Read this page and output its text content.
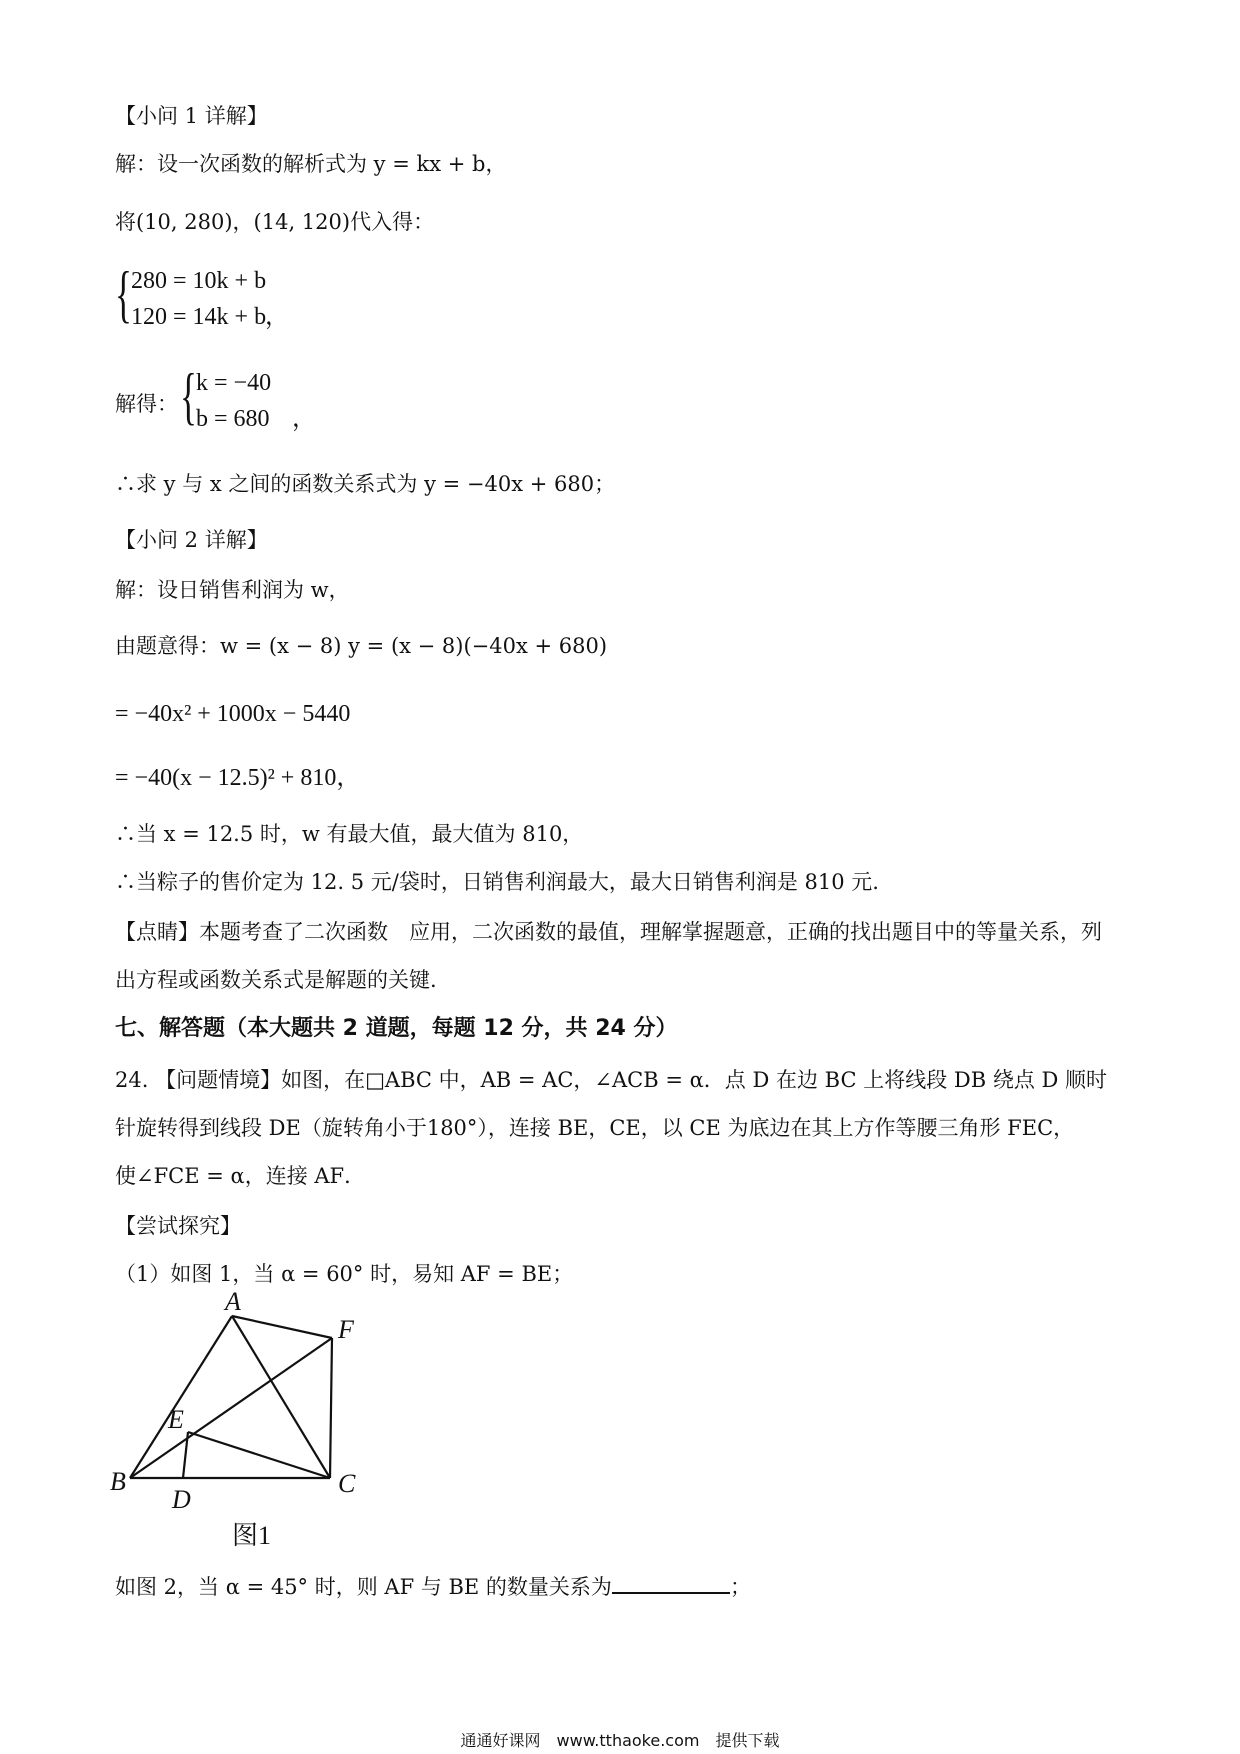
【小问 1 详解】
解：设一次函数的解析式为 y = kx + b，
将(10, 280)，(14, 120)代入得：
{ 280 = 10k + b
120 = 14k + b
，
解得： { k = −40
b = 680 ，
∴求 y 与 x 之间的函数关系式为 y = −40x + 680；
【小问 2 详解】
解：设日销售利润为 w，
由题意得：w = (x − 8) y = (x − 8)(−40x + 680)
= −40x² + 1000x − 5440
= −40(x − 12.5)² + 810，
∴当 x = 12.5 时，w 有最大值，最大值为 810，
∴当粽子的售价定为 12. 5 元/袋时，日销售利润最大，最大日销售利润是 810 元.
【点睛】本题考查了二次函数　应用，二次函数的最值，理解掌握题意，正确的找出题目中的等量关系，列
出方程或函数关系式是解题的关键.
七、解答题（本大题共 2 道题，每题 12 分，共 24 分）
24. 【问题情境】如图，在□ABC 中，AB = AC，∠ACB = α．点 D 在边 BC 上将线段 DB 绕点 D 顺时
针旋转得到线段 DE（旋转角小于180°），连接 BE，CE，以 CE 为底边在其上方作等腰三角形 FEC，
使∠FCE = α，连接 AF．
【尝试探究】
（1）如图 1，当 α = 60° 时，易知 AF = BE；
A
B	C
D
E
F
图1
如图 2，当 α = 45° 时，则 AF 与 BE 的数量关系为	；
通通好课网　www.tthaoke.com　提供下载
